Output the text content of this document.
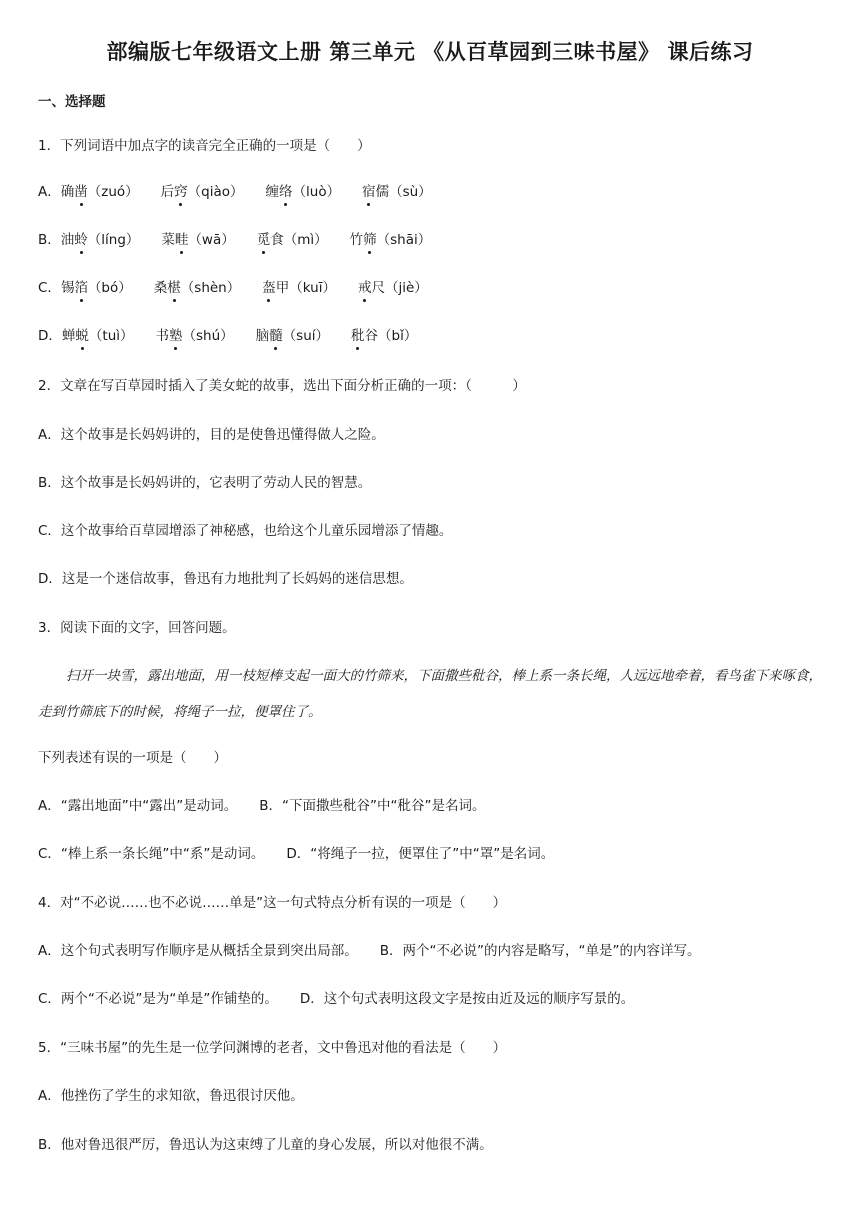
部编版七年级语文上册 第三单元 《从百草园到三味书屋》 课后练习
一、选择题
1．下列词语中加点字的读音完全正确的一项是（　　）
A．确凿（zuó） 后窍（qiào） 缠络（luò） 宿儒（sù）
B．油蛉（líng） 菜畦（wā） 觅食（mì） 竹筛（shāi）
C．锡箔（bó） 桑椹（shèn） 盔甲（kuī） 戒尺（jiè）
D．蝉蜕（tuì） 书塾（shú） 脑髓（suí） 秕谷（bǐ）
2．文章在写百草园时插入了美女蛇的故事，选出下面分析正确的一项：（　　　）
A．这个故事是长妈妈讲的，目的是使鲁迅懂得做人之险。
B．这个故事是长妈妈讲的，它表明了劳动人民的智慧。
C．这个故事给百草园增添了神秘感，也给这个儿童乐园增添了情趣。
D．这是一个迷信故事，鲁迅有力地批判了长妈妈的迷信思想。
3．阅读下面的文字，回答问题。
扫开一块雪，露出地面，用一枝短棒支起一面大的竹筛来，下面撒些秕谷，棒上系一条长绳，人远远地牵着，看鸟雀下来啄食，走到竹筛底下的时候，将绳子一拉，便罩住了。
下列表述有误的一项是（　　）
A．“露出地面”中“露出”是动词。 B．“下面撒些秕谷”中“秕谷”是名词。
C．“棒上系一条长绳”中“系”是动词。 D．“将绳子一拉，便罩住了”中“罩”是名词。
4．对“不必说……也不必说……单是”这一句式特点分析有误的一项是（　　）
A．这个句式表明写作顺序是从概括全景到突出局部。 B．两个“不必说”的内容是略写，“单是”的内容详写。
C．两个“不必说”是为“单是”作铺垫的。 D．这个句式表明这段文字是按由近及远的顺序写景的。
5．“三味书屋”的先生是一位学问渊博的老者，文中鲁迅对他的看法是（　　）
A．他挫伤了学生的求知欲，鲁迅很讨厌他。
B．他对鲁迅很严厉，鲁迅认为这束缚了儿童的身心发展，所以对他很不满。
